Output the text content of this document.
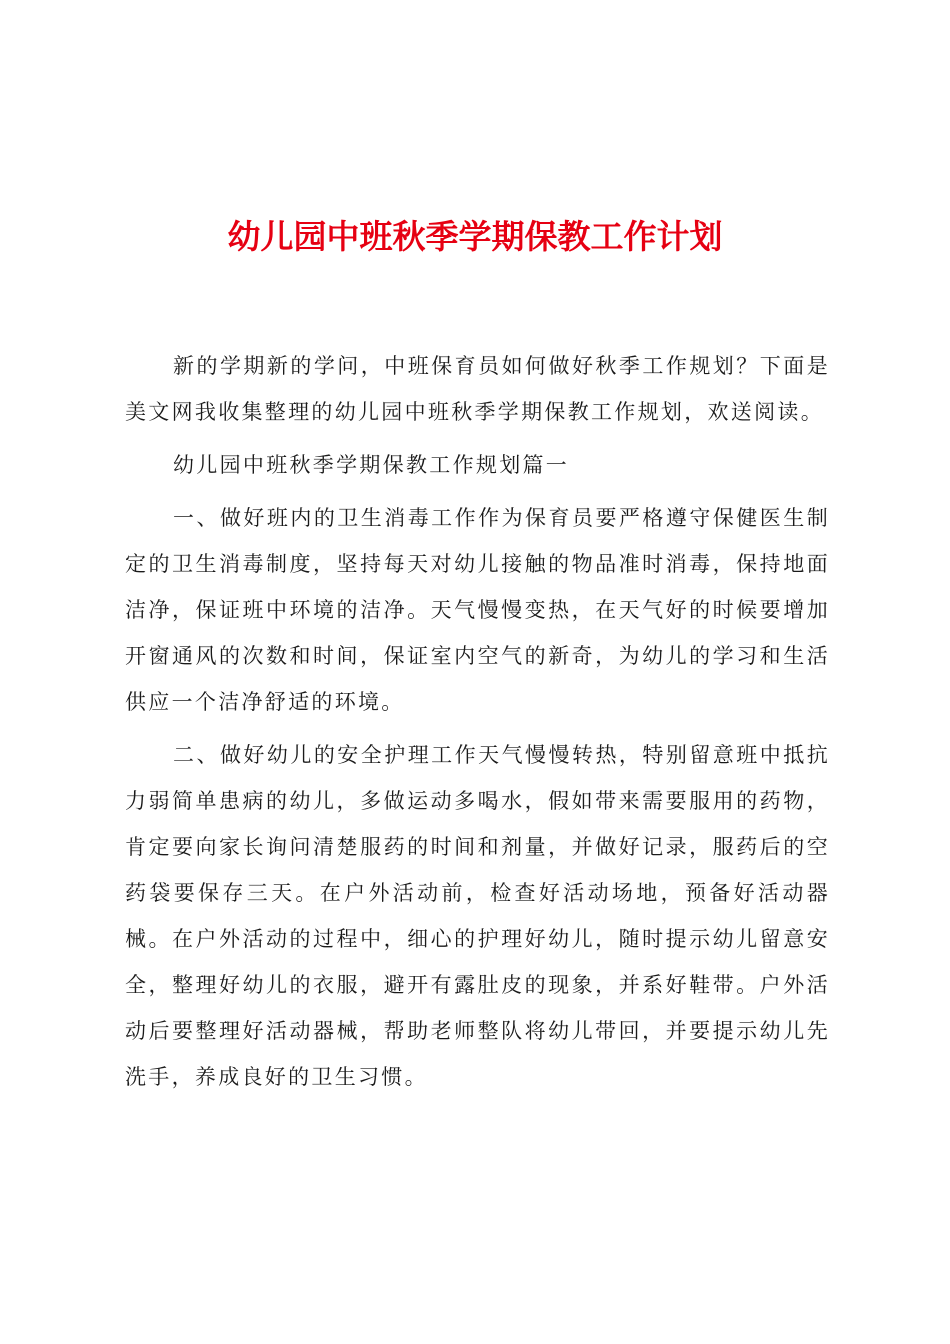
幼儿园中班秋季学期保教工作计划

新的学期新的学问，中班保育员如何做好秋季工作规划？下面是美文网我收集整理的幼儿园中班秋季学期保教工作规划，欢送阅读。

幼儿园中班秋季学期保教工作规划篇一

一、做好班内的卫生消毒工作作为保育员要严格遵守保健医生制定的卫生消毒制度，坚持每天对幼儿接触的物品准时消毒，保持地面洁净，保证班中环境的洁净。天气慢慢变热，在天气好的时候要增加开窗通风的次数和时间，保证室内空气的新奇，为幼儿的学习和生活供应一个洁净舒适的环境。

二、做好幼儿的安全护理工作天气慢慢转热，特别留意班中抵抗力弱简单患病的幼儿，多做运动多喝水，假如带来需要服用的药物，肯定要向家长询问清楚服药的时间和剂量，并做好记录，服药后的空药袋要保存三天。在户外活动前，检查好活动场地，预备好活动器械。在户外活动的过程中，细心的护理好幼儿，随时提示幼儿留意安全，整理好幼儿的衣服，避开有露肚皮的现象，并系好鞋带。户外活动后要整理好活动器械，帮助老师整队将幼儿带回，并要提示幼儿先洗手，养成良好的卫生习惯。
